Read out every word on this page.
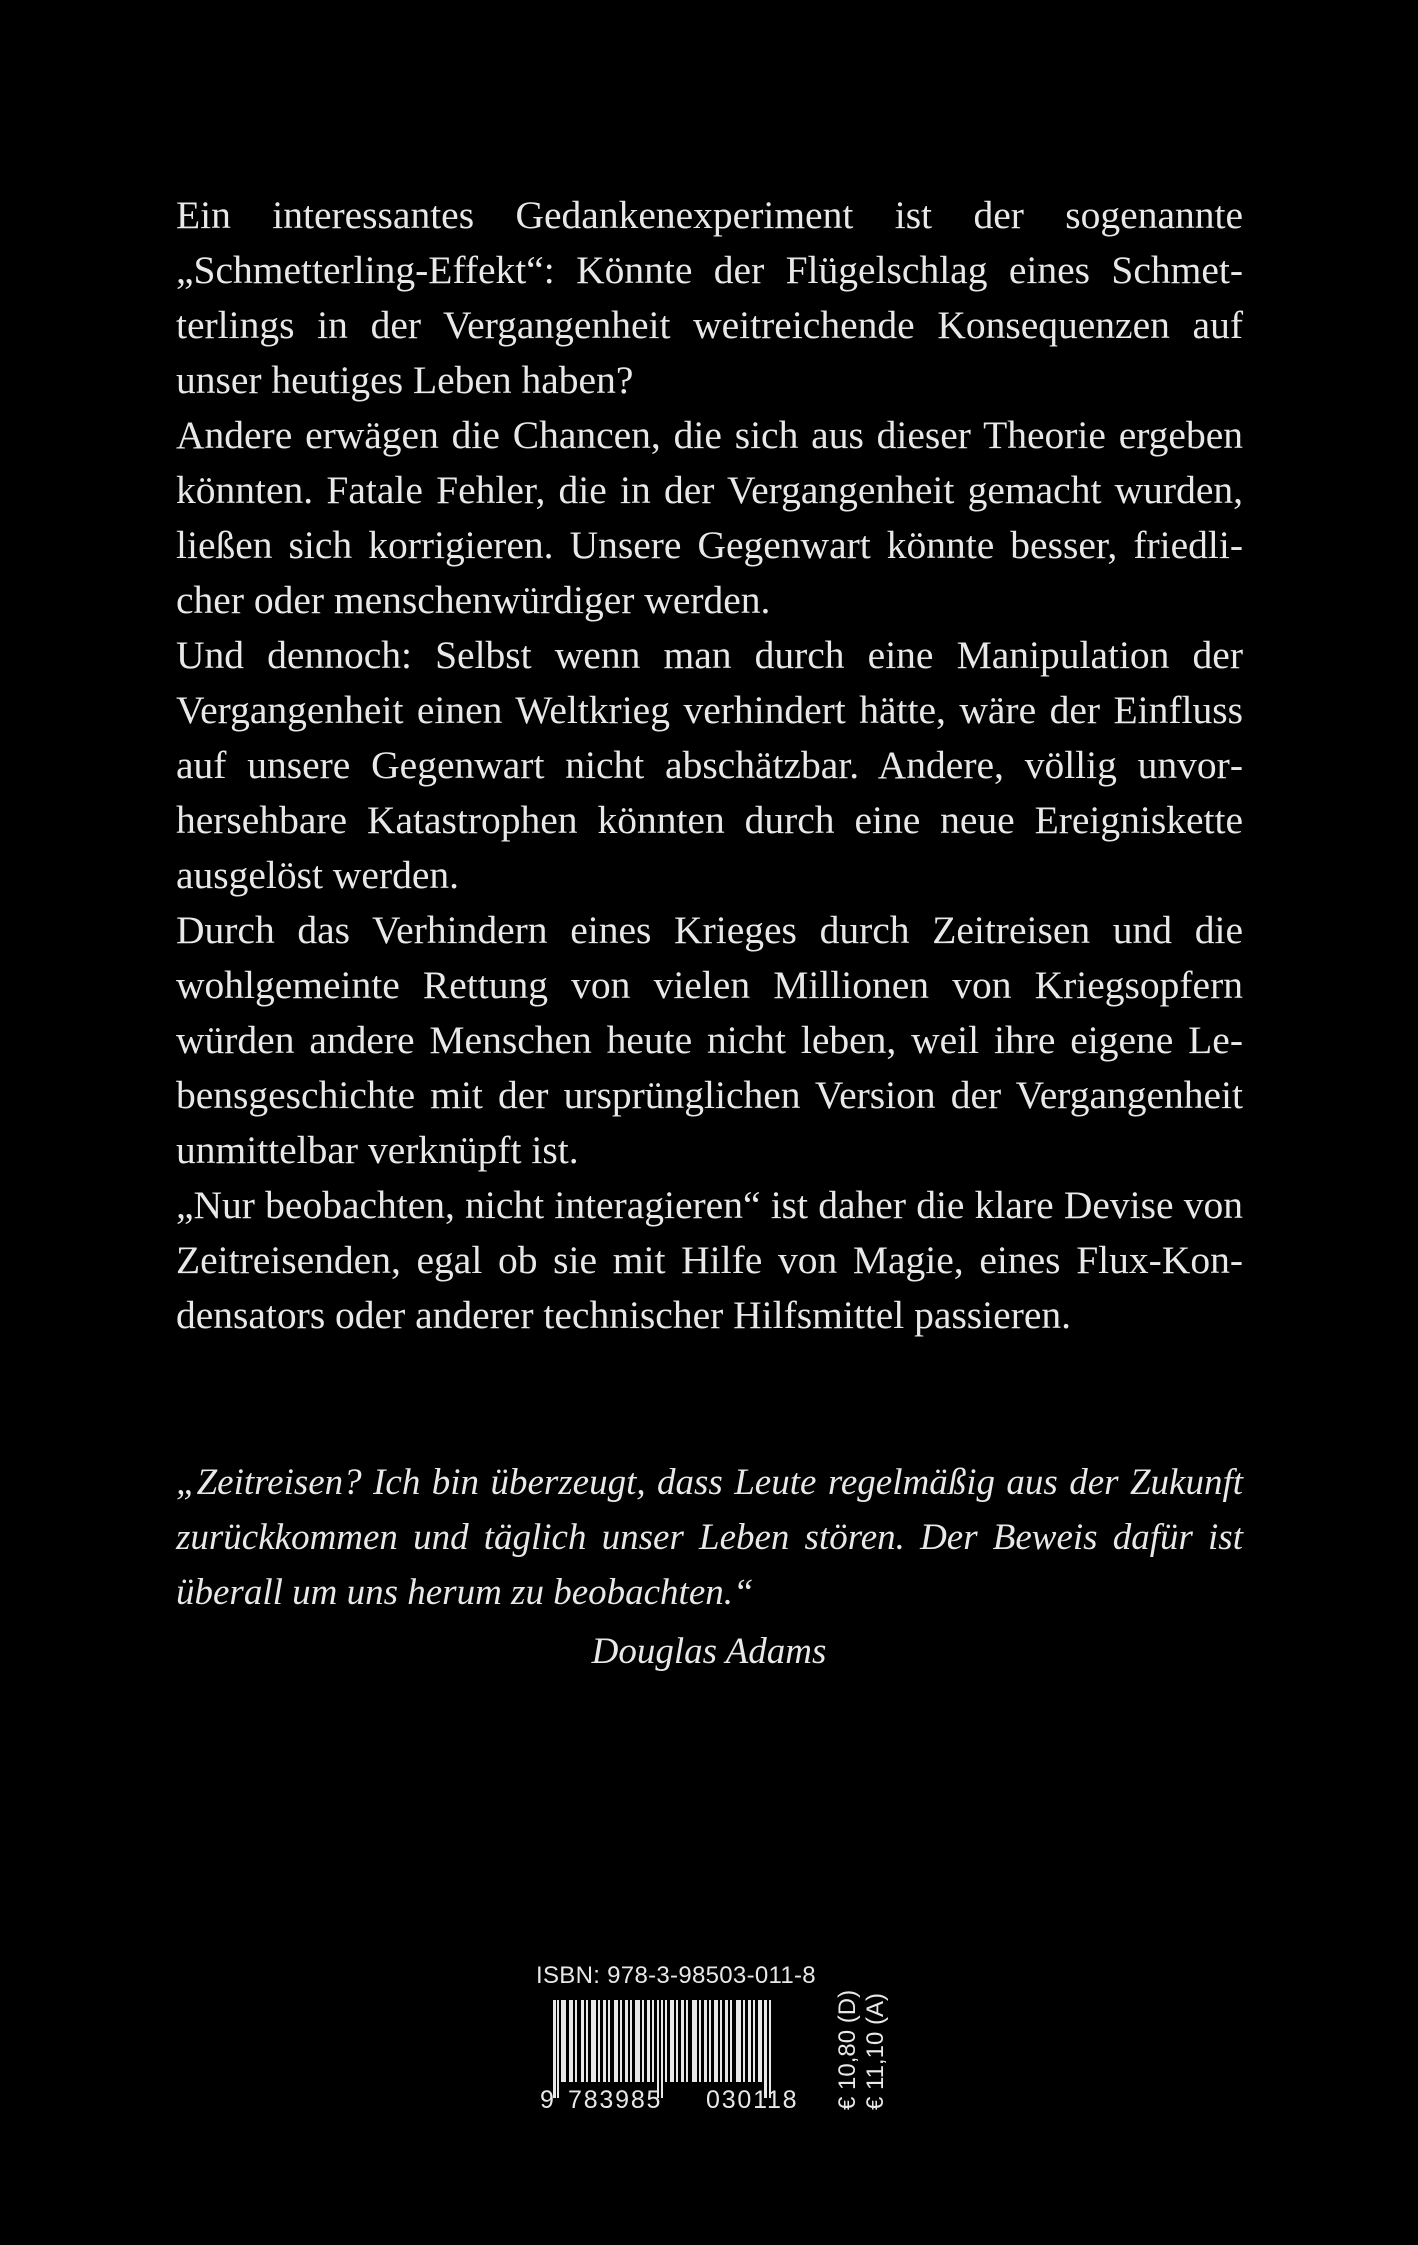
Ein interessantes Gedankenexperiment ist der sogenannte „Schmetterling-Effekt“: Könnte der Flügelschlag eines Schmetterlings in der Vergangenheit weitreichende Konsequenzen auf unser heutiges Leben haben?

Andere erwägen die Chancen, die sich aus dieser Theorie ergeben könnten. Fatale Fehler, die in der Vergangenheit gemacht wurden, ließen sich korrigieren. Unsere Gegenwart könnte besser, friedlicher oder menschenwürdiger werden.

Und dennoch: Selbst wenn man durch eine Manipulation der Vergangenheit einen Weltkrieg verhindert hätte, wäre der Einfluss auf unsere Gegenwart nicht abschätzbar. Andere, völlig unvorhersehbare Katastrophen könnten durch eine neue Ereigniskette ausgelöst werden.

Durch das Verhindern eines Krieges durch Zeitreisen und die wohlgemeinte Rettung von vielen Millionen von Kriegsopfern würden andere Menschen heute nicht leben, weil ihre eigene Lebensgeschichte mit der ursprünglichen Version der Vergangenheit unmittelbar verknüpft ist.

„Nur beobachten, nicht interagieren“ ist daher die klare Devise von Zeitreisenden, egal ob sie mit Hilfe von Magie, eines Flux-Kondensators oder anderer technischer Hilfsmittel passieren.

„Zeitreisen? Ich bin überzeugt, dass Leute regelmäßig aus der Zukunft zurückkommen und täglich unser Leben stören. Der Beweis dafür ist überall um uns herum zu beobachten.“

Douglas Adams
ISBN: 978-3-98503-011-8
9 783985 030118 € 10,80 (D) € 11,10 (A)
